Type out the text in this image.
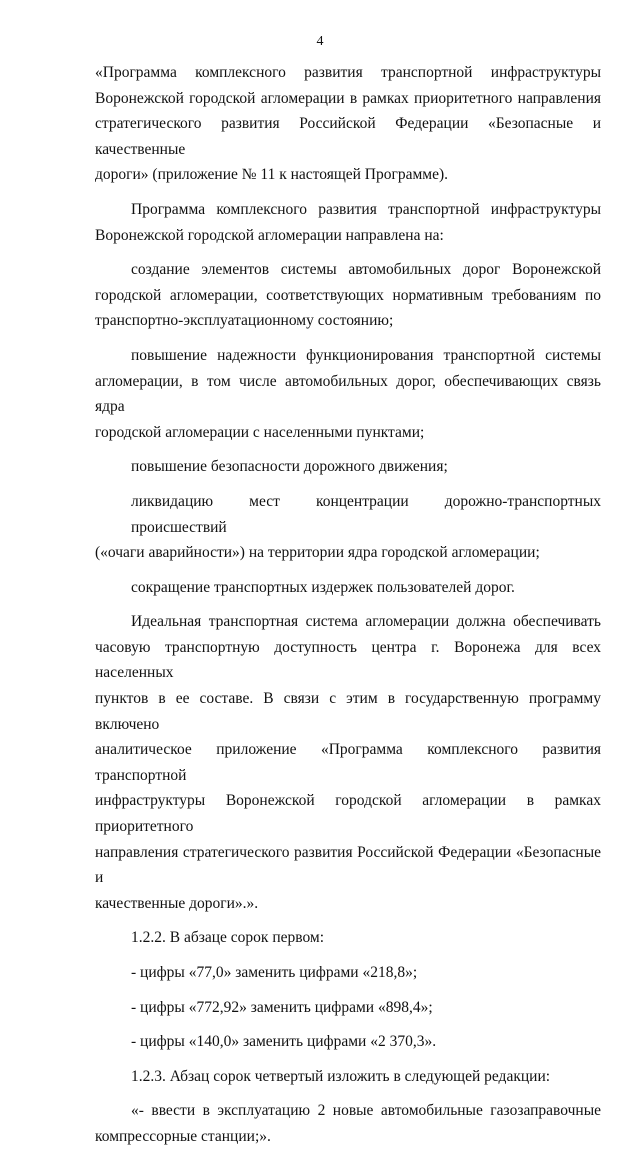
4

«Программа комплексного развития транспортной инфраструктуры
Воронежской городской агломерации в рамках приоритетного направления
стратегического развития Российской Федерации «Безопасные и качественные
дороги» (приложение № 11 к настоящей Программе).

Программа комплексного развития транспортной инфраструктуры
Воронежской городской агломерации направлена на:

создание элементов системы автомобильных дорог Воронежской
городской агломерации, соответствующих нормативным требованиям по
транспортно-эксплуатационному состоянию;

повышение надежности функционирования транспортной системы
агломерации, в том числе автомобильных дорог, обеспечивающих связь ядра
городской агломерации с населенными пунктами;

повышение безопасности дорожного движения;

ликвидацию мест концентрации дорожно-транспортных происшествий
(«очаги аварийности») на территории ядра городской агломерации;

сокращение транспортных издержек пользователей дорог.

Идеальная транспортная система агломерации должна обеспечивать
часовую транспортную доступность центра г. Воронежа для всех населенных
пунктов в ее составе. В связи с этим в государственную программу включено
аналитическое приложение «Программа комплексного развития транспортной
инфраструктуры Воронежской городской агломерации в рамках приоритетного
направления стратегического развития Российской Федерации «Безопасные и
качественные дороги».».

1.2.2. В абзаце сорок первом:

- цифры «77,0» заменить цифрами «218,8»;

- цифры «772,92» заменить цифрами «898,4»;

- цифры «140,0» заменить цифрами «2 370,3».

1.2.3. Абзац сорок четвертый изложить в следующей редакции:

«- ввести в эксплуатацию 2 новые автомобильные газозаправочные
компрессорные станции;».
